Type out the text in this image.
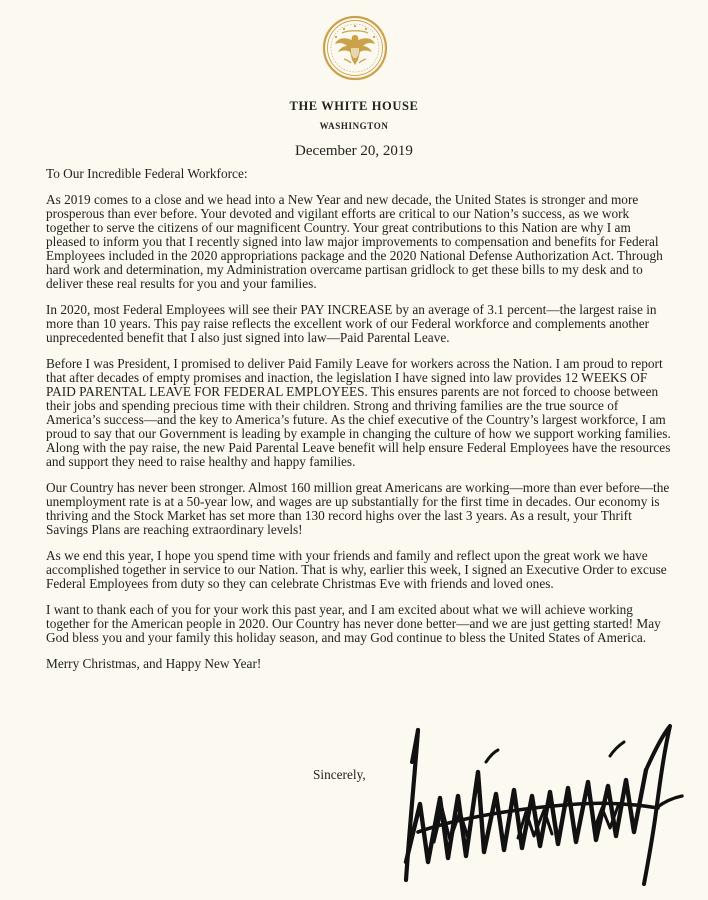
THE WHITE HOUSE
WASHINGTON
December 20, 2019

To Our Incredible Federal Workforce:

As 2019 comes to a close and we head into a New Year and new decade, the United States is stronger and more prosperous than ever before. Your devoted and vigilant efforts are critical to our Nation’s success, as we work together to serve the citizens of our magnificent Country. Your great contributions to this Nation are why I am pleased to inform you that I recently signed into law major improvements to compensation and benefits for Federal Employees included in the 2020 appropriations package and the 2020 National Defense Authorization Act. Through hard work and determination, my Administration overcame partisan gridlock to get these bills to my desk and to deliver these real results for you and your families.

In 2020, most Federal Employees will see their PAY INCREASE by an average of 3.1 percent—the largest raise in more than 10 years. This pay raise reflects the excellent work of our Federal workforce and complements another unprecedented benefit that I also just signed into law—Paid Parental Leave.

Before I was President, I promised to deliver Paid Family Leave for workers across the Nation. I am proud to report that after decades of empty promises and inaction, the legislation I have signed into law provides 12 WEEKS OF PAID PARENTAL LEAVE FOR FEDERAL EMPLOYEES. This ensures parents are not forced to choose between their jobs and spending precious time with their children. Strong and thriving families are the true source of America’s success—and the key to America’s future. As the chief executive of the Country’s largest workforce, I am proud to say that our Government is leading by example in changing the culture of how we support working families. Along with the pay raise, the new Paid Parental Leave benefit will help ensure Federal Employees have the resources and support they need to raise healthy and happy families.

Our Country has never been stronger. Almost 160 million great Americans are working—more than ever before—the unemployment rate is at a 50-year low, and wages are up substantially for the first time in decades. Our economy is thriving and the Stock Market has set more than 130 record highs over the last 3 years. As a result, your Thrift Savings Plans are reaching extraordinary levels!

As we end this year, I hope you spend time with your friends and family and reflect upon the great work we have accomplished together in service to our Nation. That is why, earlier this week, I signed an Executive Order to excuse Federal Employees from duty so they can celebrate Christmas Eve with friends and loved ones.

I want to thank each of you for your work this past year, and I am excited about what we will achieve working together for the American people in 2020. Our Country has never done better—and we are just getting started! May God bless you and your family this holiday season, and may God continue to bless the United States of America.

Merry Christmas, and Happy New Year!

Sincerely,
